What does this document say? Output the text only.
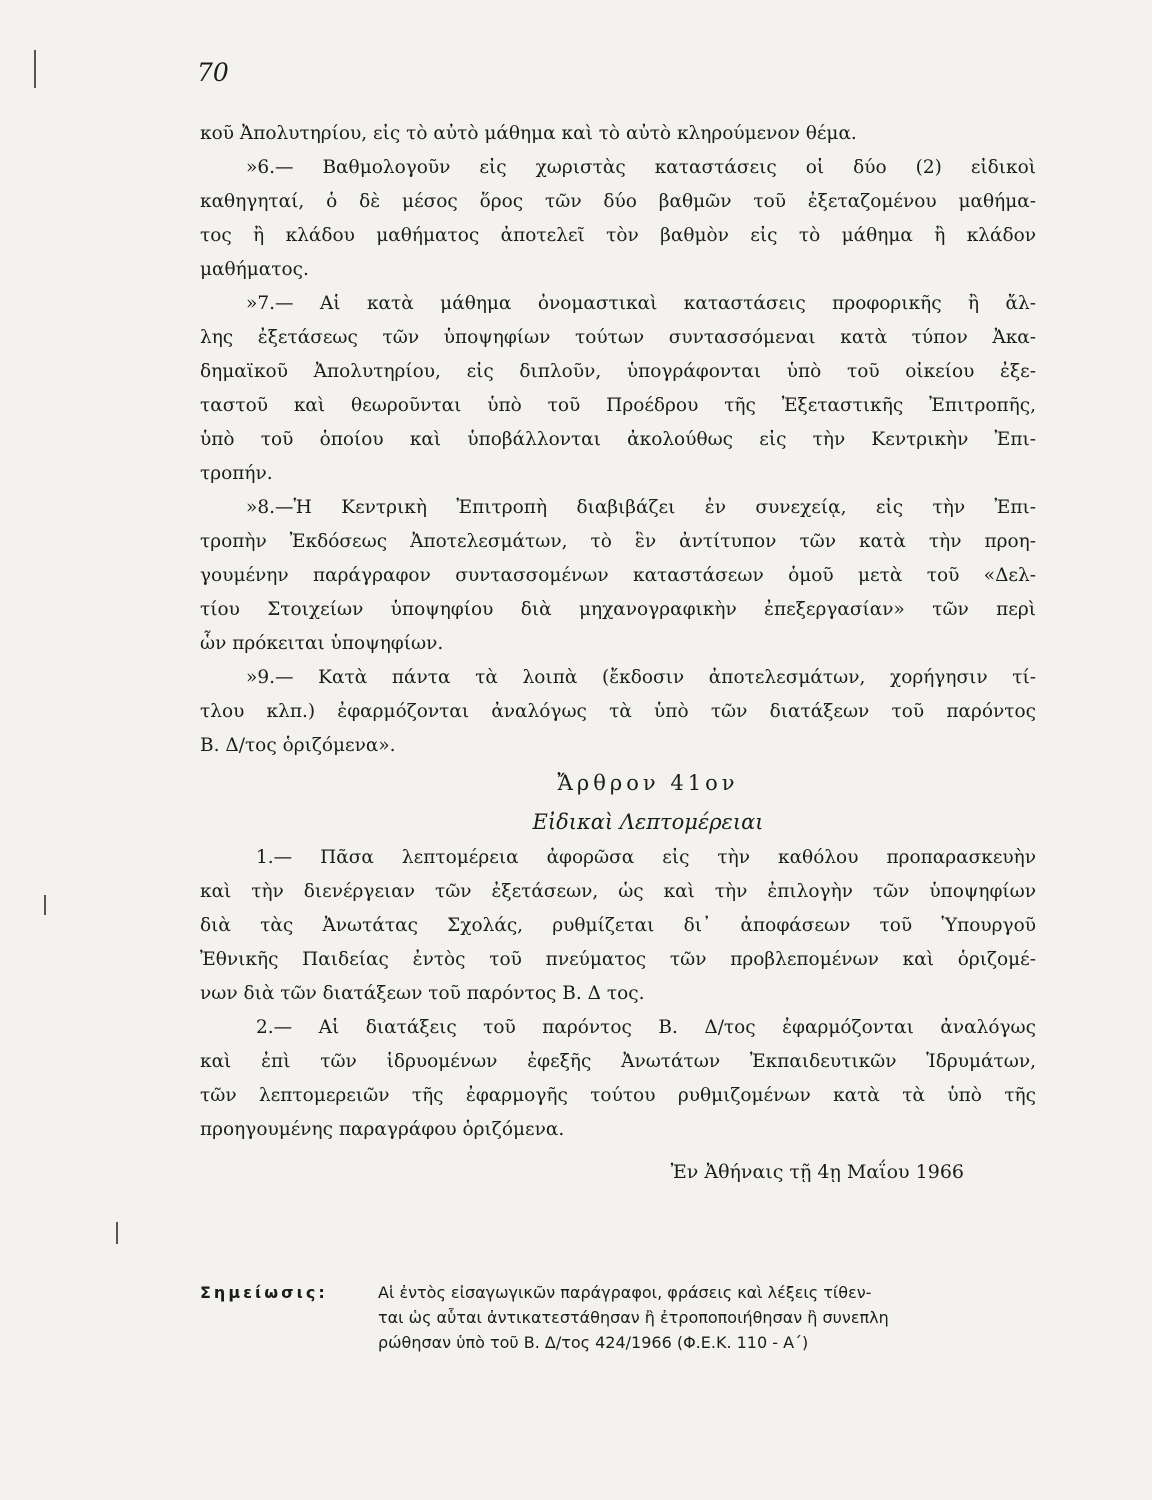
70
κοῦ Ἀπολυτηρίου, εἰς τὸ αὐτὸ μάθημα καὶ τὸ αὐτὸ κληρούμενον θέμα.
»6.— Βαθμολογοῦν εἰς χωριστὰς καταστάσεις οἱ δύο (2) εἰδικοὶ
καθηγηταί, ὁ δὲ μέσος ὅρος τῶν δύο βαθμῶν τοῦ ἐξεταζομένου μαθήμα-
τος ἢ κλάδου μαθήματος ἀποτελεῖ τὸν βαθμὸν εἰς τὸ μάθημα ἢ κλάδον
μαθήματος.
»7.— Αἱ κατὰ μάθημα ὀνομαστικαὶ καταστάσεις προφορικῆς ἢ ἄλ-
λης ἐξετάσεως τῶν ὑποψηφίων τούτων συντασσόμεναι κατὰ τύπον Ἀκα-
δημαϊκοῦ Ἀπολυτηρίου, εἰς διπλοῦν, ὑπογράφονται ὑπὸ τοῦ οἰκείου ἐξε-
ταστοῦ καὶ θεωροῦνται ὑπὸ τοῦ Προέδρου τῆς Ἐξεταστικῆς Ἐπιτροπῆς,
ὑπὸ τοῦ ὁποίου καὶ ὑποβάλλονται ἀκολούθως εἰς τὴν Κεντρικὴν Ἐπι-
τροπήν.
»8.—Ἡ Κεντρικὴ Ἐπιτροπὴ διαβιβάζει ἐν συνεχείᾳ, εἰς τὴν Ἐπι-
τροπὴν Ἐκδόσεως Ἀποτελεσμάτων, τὸ ἓν ἀντίτυπον τῶν κατὰ τὴν προη-
γουμένην παράγραφον συντασσομένων καταστάσεων ὁμοῦ μετὰ τοῦ «Δελ-
τίου Στοιχείων ὑποψηφίου διὰ μηχανογραφικὴν ἐπεξεργασίαν» τῶν περὶ
ὧν πρόκειται ὑποψηφίων.
»9.— Κατὰ πάντα τὰ λοιπὰ (ἔκδοσιν ἀποτελεσμάτων, χορήγησιν τί-
τλου κλπ.) ἐφαρμόζονται ἀναλόγως τὰ ὑπὸ τῶν διατάξεων τοῦ παρόντος
Β. Δ/τος ὁριζόμενα».
Ἄρθρον 41ον
Εἰδικαὶ Λεπτομέρειαι
1.— Πᾶσα λεπτομέρεια ἀφορῶσα εἰς τὴν καθόλου προπαρασκευὴν
καὶ τὴν διενέργειαν τῶν ἐξετάσεων, ὡς καὶ τὴν ἐπιλογὴν τῶν ὑποψηφίων
διὰ τὰς Ἀνωτάτας Σχολάς, ρυθμίζεται δι᾽ ἀποφάσεων τοῦ Ὑπουργοῦ
Ἐθνικῆς Παιδείας ἐντὸς τοῦ πνεύματος τῶν προβλεπομένων καὶ ὁριζομέ-
νων διὰ τῶν διατάξεων τοῦ παρόντος Β. Δ τος.
2.— Αἱ διατάξεις τοῦ παρόντος Β. Δ/τος ἐφαρμόζονται ἀναλόγως
καὶ ἐπὶ τῶν ἱδρυομένων ἐφεξῆς Ἀνωτάτων Ἐκπαιδευτικῶν Ἱδρυμάτων,
τῶν λεπτομερειῶν τῆς ἐφαρμογῆς τούτου ρυθμιζομένων κατὰ τὰ ὑπὸ τῆς
προηγουμένης παραγράφου ὁριζόμενα.
Ἐν Ἀθήναις τῇ 4ῃ Μαΐου 1966
Σημείωσις:	Αἱ ἐντὸς εἰσαγωγικῶν παράγραφοι, φράσεις καὶ λέξεις τίθεν-
ται ὡς αὗται ἀντικατεστάθησαν ἢ ἐτροποποιήθησαν ἢ συνεπλη
ρώθησαν ὑπὸ τοῦ Β. Δ/τος 424/1966 (Φ.Ε.Κ. 110 - Α΄)
